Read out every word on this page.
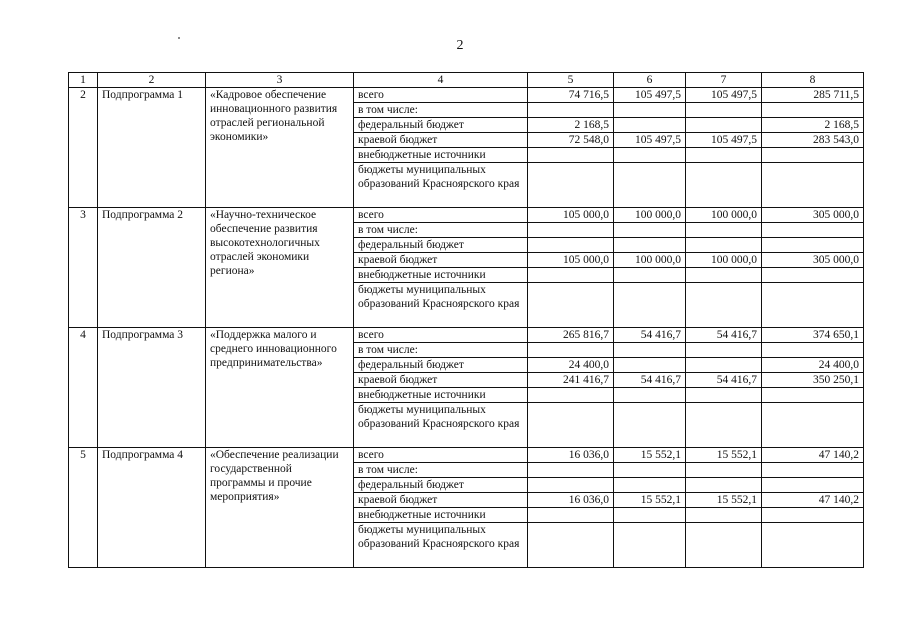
2
1	2	3	4	5	6	7	8
2	Подпрограмма 1	«Кадровое обеспечение инновационного развития отраслей региональной экономики»	всего	74 716,5	105 497,5	105 497,5	285 711,5
			в том числе:				
			федеральный бюджет	2 168,5			2 168,5
			краевой бюджет	72 548,0	105 497,5	105 497,5	283 543,0
			внебюджетные источники				
			бюджеты муниципальных образований Красноярского края				
3	Подпрограмма 2	«Научно-техническое обеспечение развития высокотехнологичных отраслей экономики региона»	всего	105 000,0	100 000,0	100 000,0	305 000,0
			в том числе:				
			федеральный бюджет				
			краевой бюджет	105 000,0	100 000,0	100 000,0	305 000,0
			внебюджетные источники				
			бюджеты муниципальных образований Красноярского края				
4	Подпрограмма 3	«Поддержка малого и среднего инновационного предпринимательства»	всего	265 816,7	54 416,7	54 416,7	374 650,1
			в том числе:				
			федеральный бюджет	24 400,0			24 400,0
			краевой бюджет	241 416,7	54 416,7	54 416,7	350 250,1
			внебюджетные источники				
			бюджеты муниципальных образований Красноярского края				
5	Подпрограмма 4	«Обеспечение реализации государственной программы и прочие мероприятия»	всего	16 036,0	15 552,1	15 552,1	47 140,2
			в том числе:				
			федеральный бюджет				
			краевой бюджет	16 036,0	15 552,1	15 552,1	47 140,2
			внебюджетные источники				
			бюджеты муниципальных образований Красноярского края				
